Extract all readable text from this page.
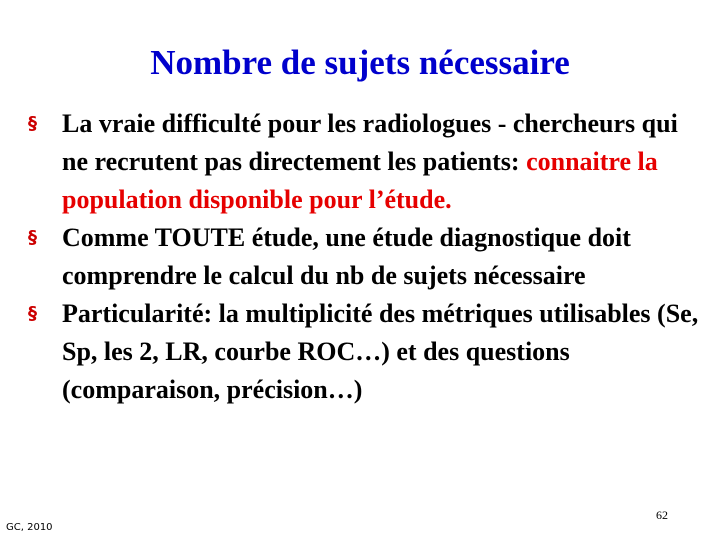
Nombre de sujets nécessaire
§ La vraie difficulté pour les radiologues - chercheurs qui ne recrutent pas directement les patients: connaitre la population disponible pour l’étude.
§ Comme TOUTE étude, une étude diagnostique doit comprendre le calcul du nb de sujets nécessaire
§ Particularité: la multiplicité des métriques utilisables (Se, Sp, les 2, LR, courbe ROC…) et des questions (comparaison, précision…)
GC, 2010
62
